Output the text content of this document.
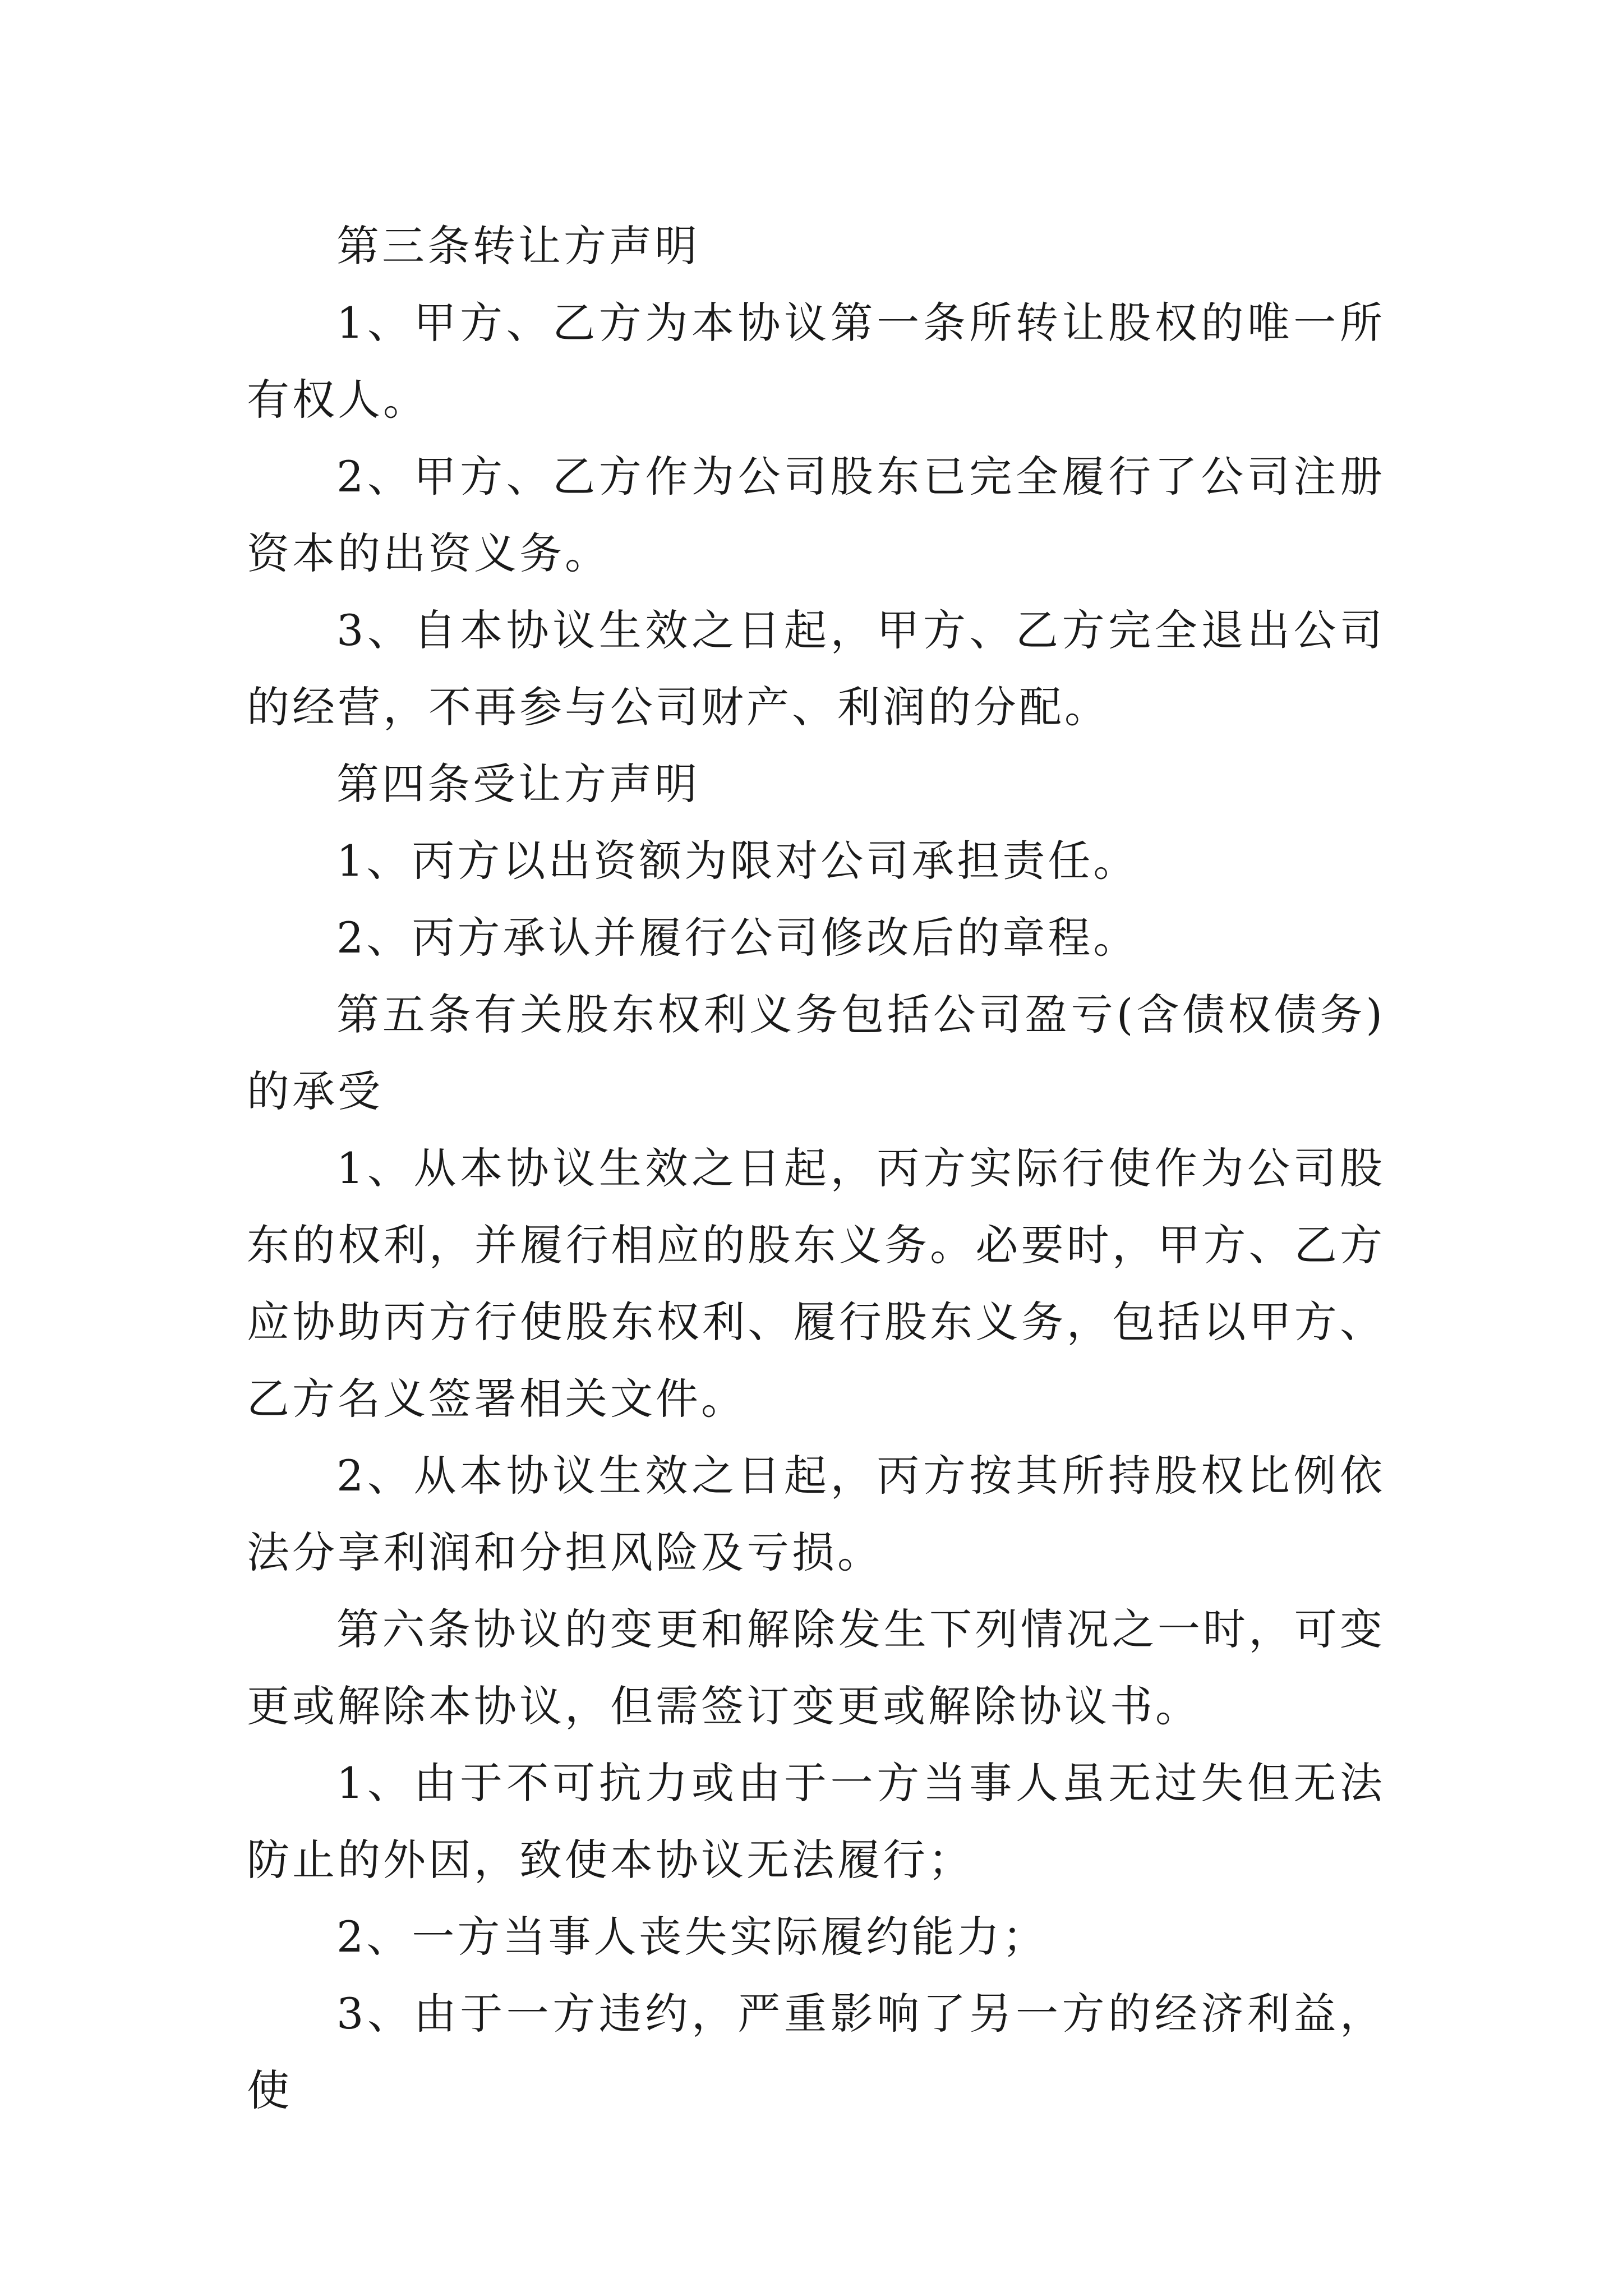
第三条转让方声明

1、甲方、乙方为本协议第一条所转让股权的唯一所有权人。

2、甲方、乙方作为公司股东已完全履行了公司注册资本的出资义务。

3、自本协议生效之日起，甲方、乙方完全退出公司的经营，不再参与公司财产、利润的分配。

第四条受让方声明

1、丙方以出资额为限对公司承担责任。

2、丙方承认并履行公司修改后的章程。

第五条有关股东权利义务包括公司盈亏(含债权债务)的承受

1、从本协议生效之日起，丙方实际行使作为公司股东的权利，并履行相应的股东义务。必要时，甲方、乙方应协助丙方行使股东权利、履行股东义务，包括以甲方、乙方名义签署相关文件。

2、从本协议生效之日起，丙方按其所持股权比例依法分享利润和分担风险及亏损。

第六条协议的变更和解除发生下列情况之一时，可变更或解除本协议，但需签订变更或解除协议书。

1、由于不可抗力或由于一方当事人虽无过失但无法防止的外因，致使本协议无法履行；

2、一方当事人丧失实际履约能力；

3、由于一方违约，严重影响了另一方的经济利益，使
